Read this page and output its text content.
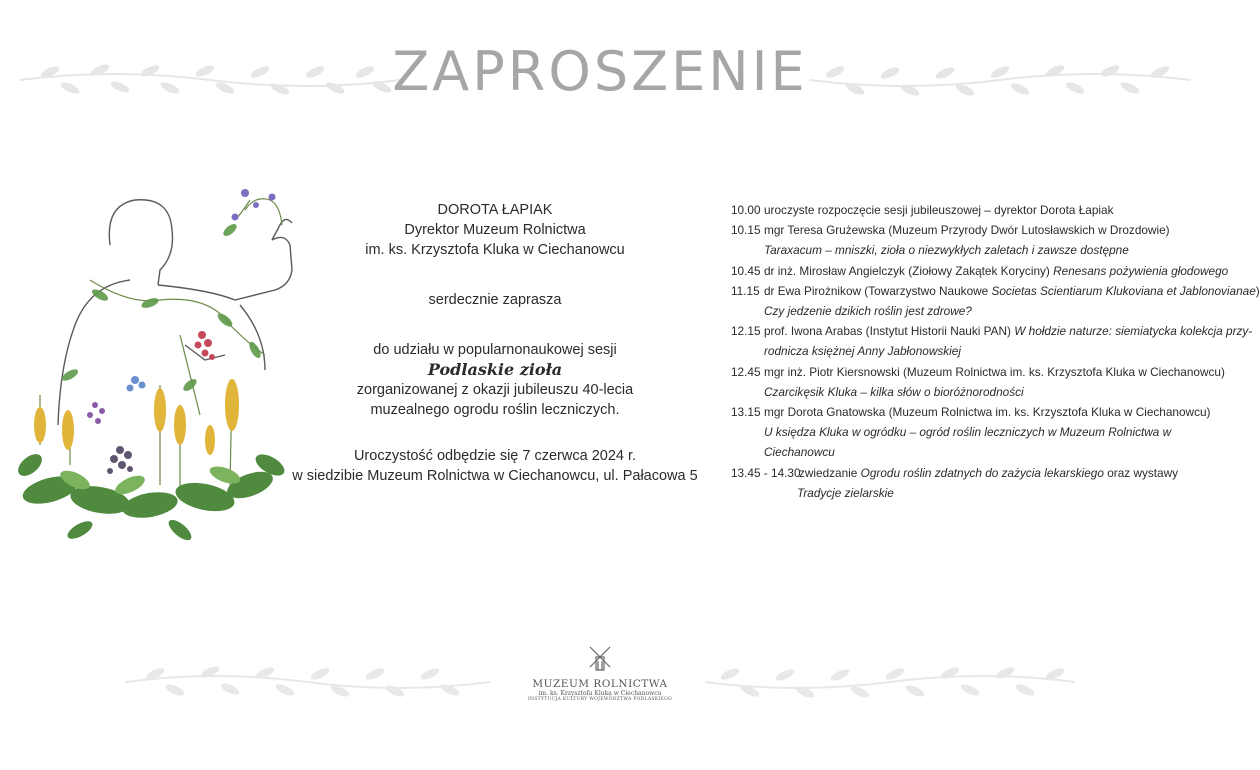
ZAPROSZENIE

DOROTA ŁAPIAK

Dyrektor Muzeum Rolnictwa

im. ks. Krzysztofa Kluka w Ciechanowcu

serdecznie zaprasza

do udziału w popularnonaukowej sesji

Podlaskie zioła

zorganizowanej z okazji jubileuszu 40-lecia

muzealnego ogrodu roślin leczniczych.

Uroczystość odbędzie się 7 czerwca 2024 r.

w siedzibie Muzeum Rolnictwa w Ciechanowcu, ul. Pałacowa 5

10.00 uroczyste rozpoczęcie sesji jubileuszowej – dyrektor Dorota Łapiak
10.15 mgr Teresa Grużewska (Muzeum Przyrody Dwór Lutosławskich w Drozdowie)
Taraxacum – mniszki, zioła o niezwykłych zaletach i zawsze dostępne
10.45 dr inż. Mirosław Angielczyk (Ziołowy Zakątek Koryciny) Renesans pożywienia głodowego
11.15 dr Ewa Pirożnikow (Towarzystwo Naukowe Societas Scientiarum Klukoviana et Jablonovianae)
Czy jedzenie dzikich roślin jest zdrowe?
12.15 prof. Iwona Arabas (Instytut Historii Nauki PAN) W hołdzie naturze: siemiatycka kolekcja przy-
rodnicza księżnej Anny Jabłonowskiej
12.45 mgr inż. Piotr Kiersnowski (Muzeum Rolnictwa im. ks. Krzysztofa Kluka w Ciechanowcu)
Czarcikęsik Kluka – kilka słów o bioróżnorodności
13.15 mgr Dorota Gnatowska (Muzeum Rolnictwa im. ks. Krzysztofa Kluka w Ciechanowcu)
U księdza Kluka w ogródku – ogród roślin leczniczych w Muzeum Rolnictwa w Ciechanowcu
13.45 - 14.30
zwiedzanie Ogrodu roślin zdatnych do zażycia lekarskiego oraz wystawy
Tradycje zielarskie
MUZEUM ROLNICTWA
im. ks. Krzysztofa Kluka w Ciechanowcu
INSTYTUCJA KULTURY WOJEWÓDZTWA PODLASKIEGO
